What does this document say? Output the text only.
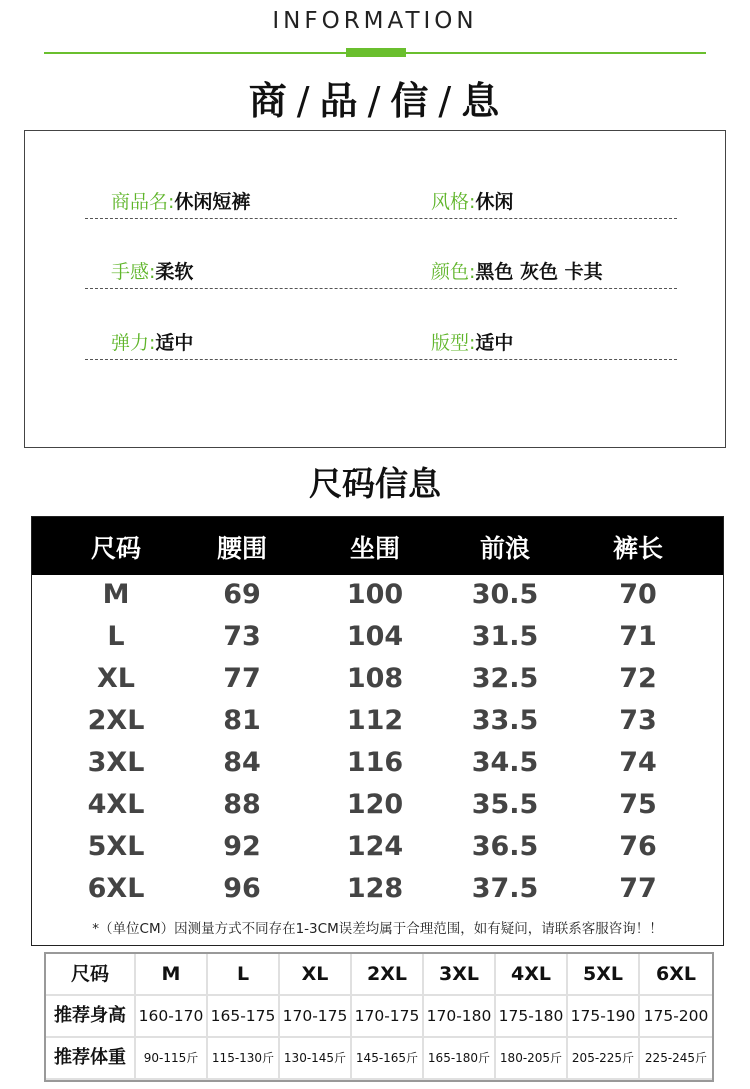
INFORMATION
商 / 品 / 信 / 息
商品名:休闲短裤	风格:休闲
手感:柔软	颜色:黑色 灰色 卡其
弹力:适中	版型:适中
尺码信息
尺码	腰围	坐围	前浪	裤长
M	69	100	30.5	70
L	73	104	31.5	71
XL	77	108	32.5	72
2XL	81	112	33.5	73
3XL	84	116	34.5	74
4XL	88	120	35.5	75
5XL	92	124	36.5	76
6XL	96	128	37.5	77
*（单位CM）因测量方式不同存在1-3CM误差均属于合理范围，如有疑问，请联系客服咨询！！
尺码	M	L	XL	2XL	3XL	4XL	5XL	6XL
推荐身高 160-170 165-175 170-175 170-175 170-180 175-180 175-190 175-200
推荐体重	90-115斤	115-130斤 130-145斤 145-165斤 165-180斤 180-205斤 205-225斤 225-245斤
